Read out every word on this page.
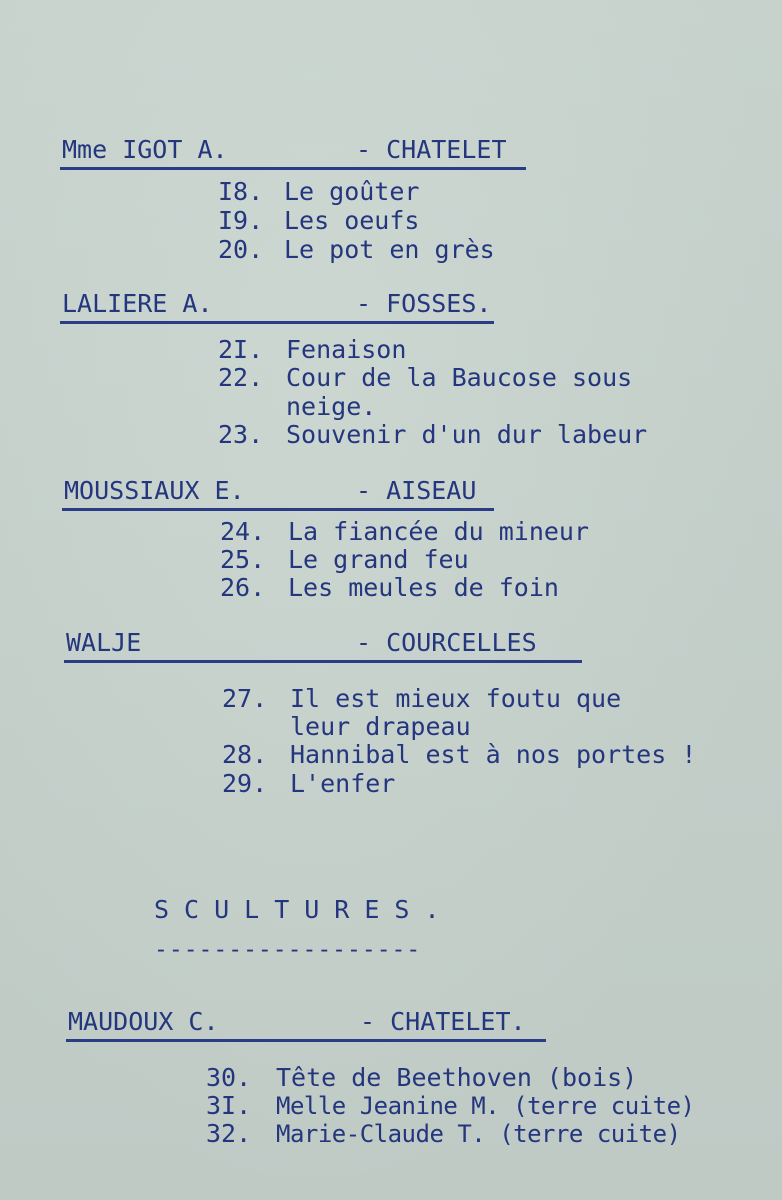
Mme IGOT A.	- CHATELET
I8. Le goûter
I9. Les oeufs
20. Le pot en grès
LALIERE A.	- FOSSES.
2I. Fenaison
22. Cour de la Baucose sous
neige.
23. Souvenir d'un dur labeur
MOUSSIAUX E.	- AISEAU
24. La fiancée du mineur
25. Le grand feu
26. Les meules de foin
WALJE	- COURCELLES
27. Il est mieux foutu que
leur drapeau
28. Hannibal est à nos portes !
29. L'enfer
SCULTURES.
------------------
MAUDOUX C.	- CHATELET.
30. Tête de Beethoven (bois)
3I. Melle Jeanine M. (terre cuite)
32. Marie-Claude T. (terre cuite)
